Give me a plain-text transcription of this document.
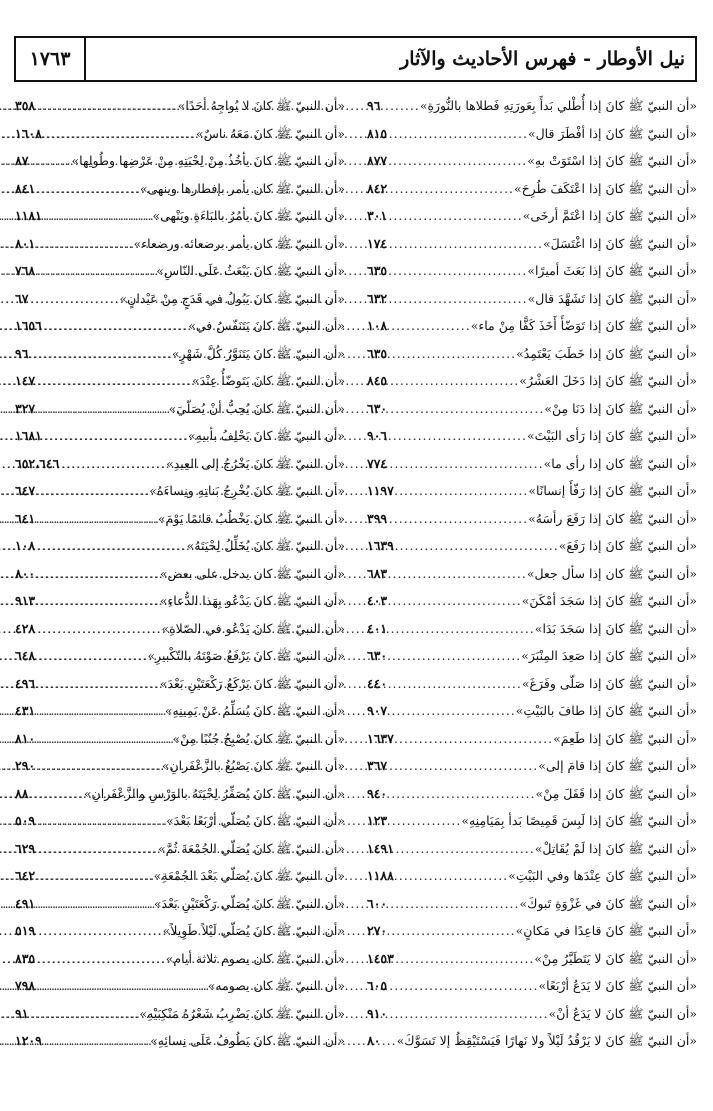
نيل الأوطار - فهرس الأحاديث والآثار
١٧٦٣
«أن النبيّ ﷺ كانَ إذا أُطْلي بَدأَ بِعَورَتِهِ فَطلاها بالنُّورَةِ»
.....
٩٦
«أن النبيّ ﷺ كانَ إذا أفْطَرَ قال»
.....
٨١٥
«أن النبيّ ﷺ كانَ إذا اسْتَوَتْ بهِ»
.....
٨٧٧
«أن النبيّ ﷺ كانَ إذا اعْتَكَفَ طُرِحَ»
.....
٨٤٢
«أن النبيّ ﷺ كانَ إذا اعْتَمَّ أرخَى»
.....
٣٠١
«أن النبيّ ﷺ كانَ إذا اغْتَسَلَ»
.....
١٧٤
«أن النبيّ ﷺ كانَ إذا بَعَثَ أميرًا»
.....
٦٣٥
«أن النبيّ ﷺ كانَ إذا تَشَهَّدَ قال»
.....
٦٣٢
«أن النبيّ ﷺ كانَ إذا تَوَضّأَ أَخَذَ كَفًّا مِنْ ماء»
.....
١٠٨
«أن النبيّ ﷺ كانَ إذا خَطَبَ يَعْتَمِدُ»
.....
٦٣٥
«أن النبيّ ﷺ كانَ إذا دَخَلَ العَشْرُ»
.....
٨٤٥
«أن النبيّ ﷺ كانَ إذا دَنَا مِنْ»
.....
٦٣٠
«أن النبيّ ﷺ كانَ إذا رَأى البَيْتَ»
.....
٩٠٦
«أن النبيّ ﷺ كان إذا رأى ما»
.....
٧٧٤
«أن النبيّ ﷺ كانَ إذا رَفّأَ إنسانًا»
.....
١١٩٧
«أن النبيّ ﷺ كانَ إذا رَفَعَ رأسَهُ»
.....
٣٩٩
«أن النبيّ ﷺ كانَ إذا رَفَعَ»
.....
١٦٣٩
«أن النبيّ ﷺ كان إذا سأل جعل»
.....
٦٨٣
«أن النبيّ ﷺ كانَ إذا سَجَدَ أمْكَنَ»
.....
٤٠٣
«أن النبيّ ﷺ كانَ إذا سَجَدَ بَدَا»
.....
٤٠١
«أن النبيّ ﷺ كانَ إذا صَعِدَ المِنْبَرَ»
.....
٦٣٠
«أن النبيّ ﷺ كانَ إذا صَلّى وفَرَغَ»
.....
٤٤٠
«أن النبيّ ﷺ كانَ إذا طافَ بالبَيْتِ»
.....
٩٠٧
«أن النبيّ ﷺ كانَ إذا طَعِمَ»
.....
١٦٣٧
«أن النبيّ ﷺ كانَ إذا قامَ إلى»
.....
٣٦٧
«أن النبيّ ﷺ كانَ إذا قَفَلَ مِنْ»
.....
٩٤٠
«أن النبيّ ﷺ كانَ إذا لَبِسَ قَمِيصًا بَدأ بِمَيَامِنِهِ»
.....
١٢٣
«أن النبيّ ﷺ كانَ إذا لَمْ يُقَاتِلْ»
.....
١٤٩١
«أن النبيّ ﷺ كانَ عِنْدَها وفي البَيْتِ»
.....
١١٨٨
«أن النبيّ ﷺ كانَ في غَزْوَةِ تَبوكَ»
.....
٦٠٠
«أن النبيّ ﷺ كانَ قاعِدًا في مَكانٍ»
.....
٢٧٠
«أن النبيّ ﷺ كانَ لا يَتَطَيَّرُ مِنْ»
.....
١٤٥٣
«أن النبيّ ﷺ كانَ لا يَدَعُ أرْبَعًا»
.....
٦٠٥
«أن النبيّ ﷺ كانَ لا يَدَعُ أنْ»
.....
٩١٠
«أن النبيّ ﷺ كانَ لا يَرْقُدُ لَيْلاً ولا نَهارًا فَيَسْتَيْقِظُ إلا تَسَوَّكَ»
.....
٨٠
«أن النبيّ ﷺ كانَ لا يُواجِهُ أحَدًا»
.....
٣٥٨
«أن النبيّ ﷺ كانَ مَعَهُ ناسٌ»
.....
١٦٠٨
«أن النبيّ ﷺ كانَ يأخُذُ مِنْ لِحْيَتِهِ مِنْ عَرْضِها وطُولِها»
.....
٨٧
«أن النبيّ ﷺ كان يأمر بإفطارها وينهى»
.....
٨٤١
«أن النبيّ ﷺ كانَ يأمُرُ بالبَاءَةِ ويَنْهى»
.....
١١٨١
«أن النبيّ ﷺ كان يأمر برضعائه ورضعاء»
.....
٨٠١
«أن النبيّ ﷺ كانَ يَبْعَثُ عَلَى النّاسِ»
.....
٧٦٨
«أن النبيّ ﷺ كانَ يَبُولُ في قَدَحٍ مِنْ عَيْدانٍ»
.....
٦٧
«أن النبيّ ﷺ كانَ يَتَنَفّسُ في»
.....
١٦٥٦
«أن النبيّ ﷺ كانَ يَتَنَوَّرُ كُلَّ شَهْرٍ»
.....
٩٦
«أن النبيّ ﷺ كانَ يَتَوضّأُ عِنْدَ»
.....
١٤٧
«أن النبيّ ﷺ كانَ يُحِبُّ أنْ يُصَلّيَ»
.....
٣٢٧
«أن النبيّ ﷺ كانَ يَحْلِفُ بأبيهِ»
.....
١٦٨١
«أن النبيّ ﷺ كانَ يَخْرُجُ إلى العِيدِ»
.....
٦٥٢،٦٤٦
«أن النبيّ ﷺ كانَ يُخْرِجُ بَناتِهِ ونِساءَهُ»
.....
٦٤٧
«أن النبيّ ﷺ كانَ يَخْطُبُ قائمًا يَوْمَ»
.....
٦٤١
«أن النبيّ ﷺ كانَ يُخَلِّلُ لِحْيَتَهُ»
.....
١٠٨
«أن النبيّ ﷺ كان يدخل على بعض»
.....
٨٠٠
«أن النبيّ ﷺ كانَ يَدْعُو بِهَذا الدُّعاءِ»
.....
٩١٣
«أن النبيّ ﷺ كانَ يَدْعُو في الصّلاةِ»
.....
٤٢٨
«أن النبيّ ﷺ كانَ يَرْفَعُ صَوْتَهُ بالتّكْبيرِ»
.....
٦٤٨
«أن النبيّ ﷺ كانَ يَرْكَعُ رَكْعَتَيْنِ بَعْدَ»
.....
٤٩٦
«أن النبيّ ﷺ كانَ يُسَلِّمُ عَنْ يَمِينِهِ»
.....
٤٣١
«أن النبيّ ﷺ كانَ يُصْبِحُ جُنُبًا مِنْ»
.....
٨١٠
«أن النبيّ ﷺ كانَ يَصْبُغُ بالزَّعْفَرانِ»
.....
٢٩٠
«أن النبيّ ﷺ كانَ يُصَفِّرُ لِحْيَتَهُ بالوَرْسِ والزَّعْفَرانِ»
.....
٨٨
«أن النبيّ ﷺ كانَ يُصَلّي أرْبَعًا بَعْدَ»
.....
٥٠٩
«أن النبيّ ﷺ كانَ يُصَلّي الجُمْعَةَ ثُمَّ»
.....
٦٢٩
«أن النبيّ ﷺ كانَ يُصَلّي بَعْدَ الجُمْعَةِ»
.....
٦٤٢
«أن النبيّ ﷺ كانَ يُصَلّي رَكْعَتَيْنِ بَعْدَ»
.....
٤٩١
«أن النبيّ ﷺ كانَ يُصَلّي لَيْلاً طَوِيلاً»
.....
٥١٩
«أن النبيّ ﷺ كان يصوم ثلاثة أيام»
.....
٨٣٥
«أن النبيّ ﷺ كان يصومه»
.....
٧٩٨
«أن النبيّ ﷺ كانَ يَضْرِبُ شَعْرُهُ مَنْكِبَيْهِ»
.....
٩١
«أن النبيّ ﷺ كانَ يَطُوفُ عَلَى نِسائِهِ»
.....
١٢٠٩
